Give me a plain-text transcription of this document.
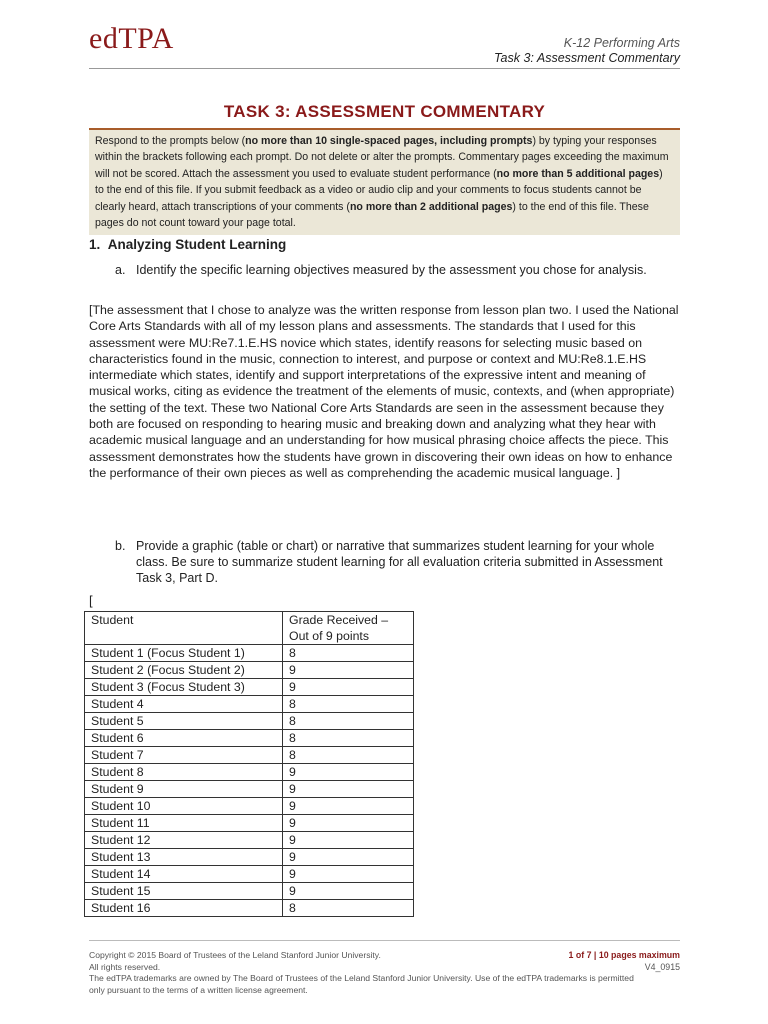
edTPA	K-12 Performing Arts
Task 3: Assessment Commentary
TASK 3: ASSESSMENT COMMENTARY
Respond to the prompts below (no more than 10 single-spaced pages, including prompts) by typing your responses within the brackets following each prompt. Do not delete or alter the prompts. Commentary pages exceeding the maximum will not be scored. Attach the assessment you used to evaluate student performance (no more than 5 additional pages) to the end of this file. If you submit feedback as a video or audio clip and your comments to focus students cannot be clearly heard, attach transcriptions of your comments (no more than 2 additional pages) to the end of this file. These pages do not count toward your page total.
1.  Analyzing Student Learning
a. Identify the specific learning objectives measured by the assessment you chose for analysis.
[The assessment that I chose to analyze was the written response from lesson plan two. I used the National Core Arts Standards with all of my lesson plans and assessments. The standards that I used for this assessment were MU:Re7.1.E.HS novice which states, identify reasons for selecting music based on characteristics found in the music, connection to interest, and purpose or context and MU:Re8.1.E.HS intermediate which states, identify and support interpretations of the expressive intent and meaning of musical works, citing as evidence the treatment of the elements of music, contexts, and (when appropriate) the setting of the text. These two National Core Arts Standards are seen in the assessment because they both are focused on responding to hearing music and breaking down and analyzing what they hear with academic musical language and an understanding for how musical phrasing choice affects the piece. This assessment demonstrates how the students have grown in discovering their own ideas on how to enhance the performance of their own pieces as well as comprehending the academic musical language. ]
b. Provide a graphic (table or chart) or narrative that summarizes student learning for your whole class. Be sure to summarize student learning for all evaluation criteria submitted in Assessment Task 3, Part D.
[
Student	Grade Received – Out of 9 points
Student 1 (Focus Student 1)	8
Student 2 (Focus Student 2)	9
Student 3 (Focus Student 3)	9
Student 4	8
Student 5	8
Student 6	8
Student 7	8
Student 8	9
Student 9	9
Student 10	9
Student 11	9
Student 12	9
Student 13	9
Student 14	9
Student 15	9
Student 16	8
Copyright © 2015 Board of Trustees of the Leland Stanford Junior University.
All rights reserved.
The edTPA trademarks are owned by The Board of Trustees of the Leland Stanford Junior University. Use of the edTPA trademarks is permitted only pursuant to the terms of a written license agreement.
1 of 7 | 10 pages maximum
V4_0915
